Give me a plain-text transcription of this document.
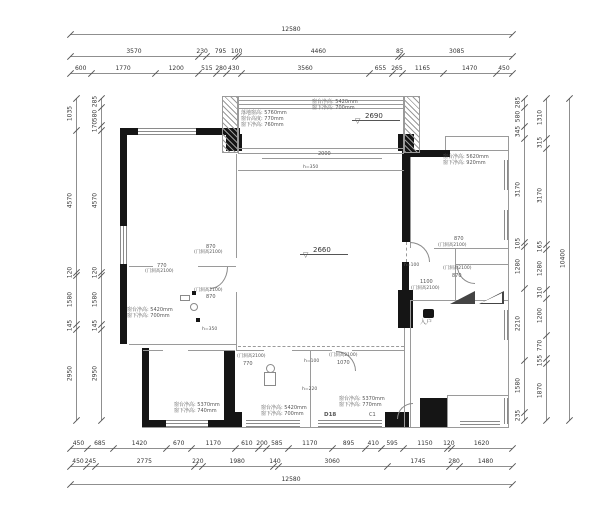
2690
▽
2660
▽
12580
3570	230	795 100	4460	85	3085
600	1770	1200	515 280 430	3560	655 265	1165	1470	450
450	685	1420	670	1170	610 200 585	1170	895	410	595	1150	120	1620
450 245	2775	220	1980	140	3060	1745	280	1480
12580
1035
4570
120
1580
145
2950
285
580
170
4570
120
1580
145
2950
285
580
345
3170
105
1280
2210
1580
235
1310
315
3170
165
1280
310
1200
770
155
1870
10400
窗台净高: 5420mm
窗下净高: 700mm
落地窗高: 5760mm
窗台高度: 770mm
窗下净高: 760mm
2000
h=350
窗台净高: 5620mm
窗下净高: 920mm
870
(门洞高2100)
770
(门洞高2100)
(门洞高2100)
870
窗台净高: 5420mm
窗下净高: 700mm
870
(门洞高2100)
(门洞高2100)
870
1100
(门洞高2100)
h=100
入户
(门洞高2100)
770
窗台净高: 5420mm
窗下净高: 700mm
(门洞高2100)
1070
h=100
h=220
窗台净高: 5370mm
窗下净高: 770mm
D18	C1
窗台净高: 5370mm
窗下净高: 740mm
h=350
